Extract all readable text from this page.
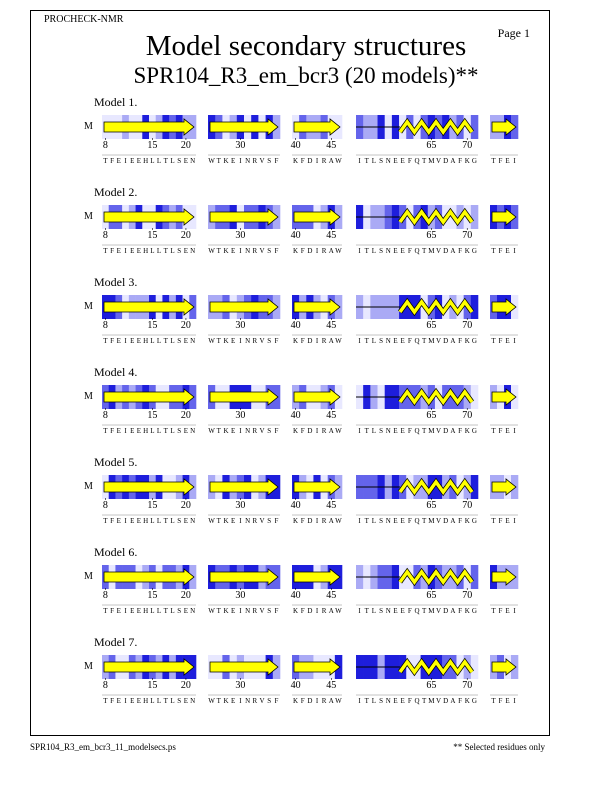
PROCHECK-NMR
Page 1
Model secondary structures
SPR104_R3_em_bcr3 (20 models)**
Model 1.
M
8	15 20
T F E I E E H L L T L S E N
30
W T K E I N R V S F
40	45
K F D I R A W
65	70
I T L S N E E F Q T M V D A F K G T F E I
Model 2.
M
8	15 20
T F E I E E H L L T L S E N
30
W T K E I N R V S F
40	45
K F D I R A W
65	70
I T L S N E E F Q T M V D A F K G T F E I
Model 3.
M
8	15 20
T F E I E E H L L T L S E N
30
W T K E I N R V S F
40	45
K F D I R A W
65	70
I T L S N E E F Q T M V D A F K G T F E I
Model 4.
M
8	15 20
T F E I E E H L L T L S E N
30
W T K E I N R V S F
40	45
K F D I R A W
65	70
I T L S N E E F Q T M V D A F K G T F E I
Model 5.
M
8	15 20
T F E I E E H L L T L S E N
30
W T K E I N R V S F
40	45
K F D I R A W
65	70
I T L S N E E F Q T M V D A F K G T F E I
Model 6.
M
8	15 20
T F E I E E H L L T L S E N
30
W T K E I N R V S F
40	45
K F D I R A W
65	70
I T L S N E E F Q T M V D A F K G T F E I
Model 7.
M
8	15 20
T F E I E E H L L T L S E N
30
W T K E I N R V S F
40	45
K F D I R A W
65	70
I T L S N E E F Q T M V D A F K G T F E I
SPR104_R3_em_bcr3_11_modelsecs.ps	** Selected residues only
